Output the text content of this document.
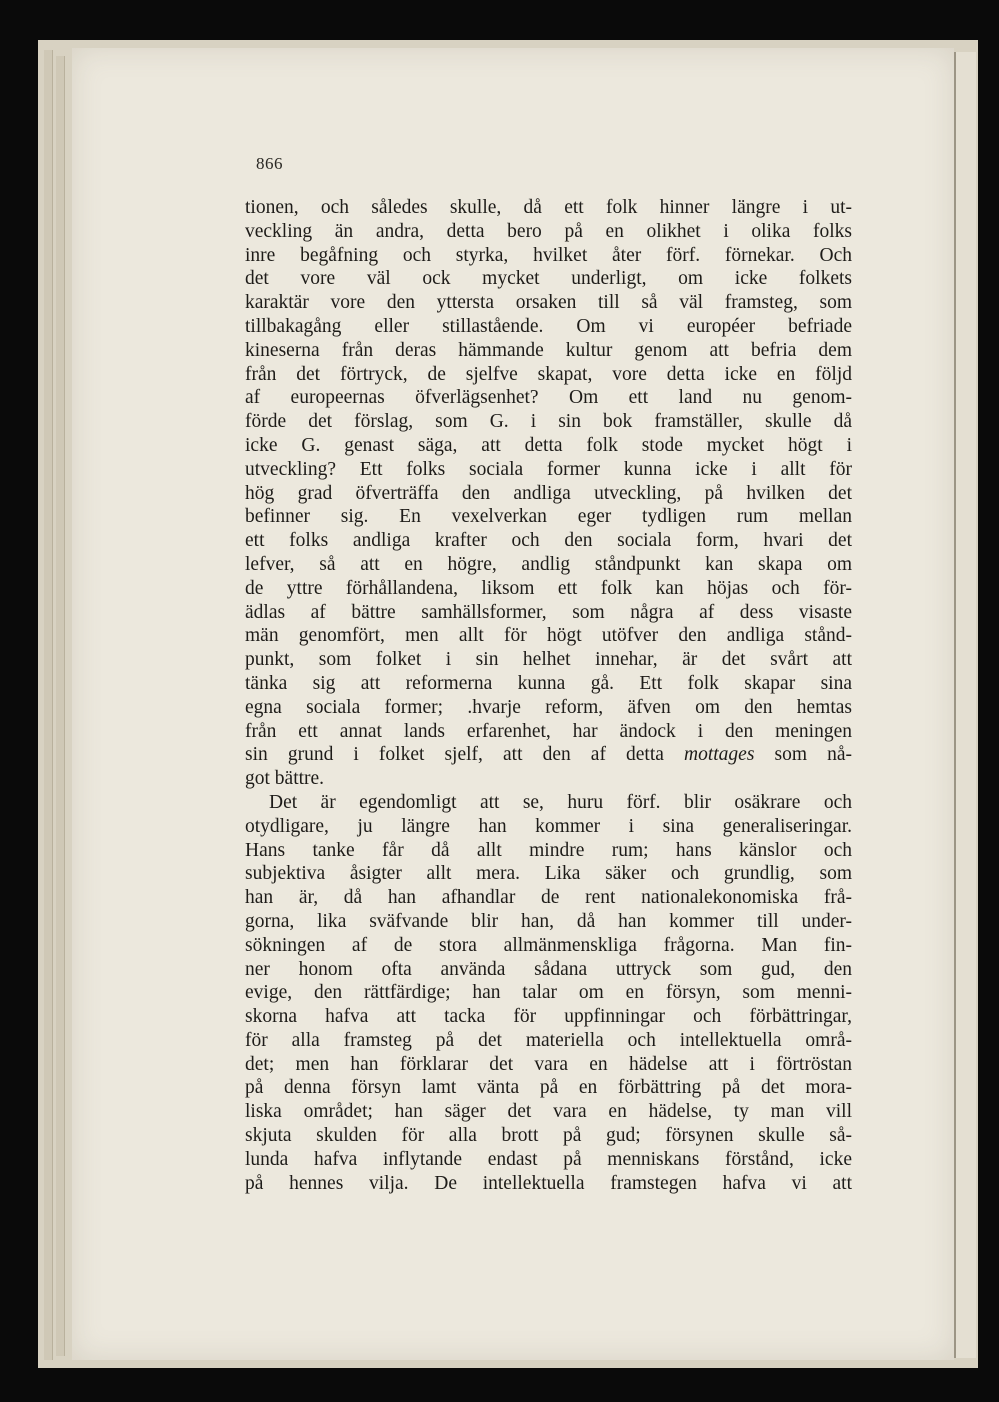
866
tionen, och således skulle, då ett folk hinner längre i ut-
veckling än andra, detta bero på en olikhet i olika folks
inre begåfning och styrka, hvilket åter förf. förnekar. Och
det vore väl ock mycket underligt, om icke folkets
karaktär vore den yttersta orsaken till så väl framsteg, som
tillbakagång eller stillastående. Om vi européer befriade
kineserna från deras hämmande kultur genom att befria dem
från det förtryck, de sjelfve skapat, vore detta icke en följd
af europeernas öfverlägsenhet? Om ett land nu genom-
förde det förslag, som G. i sin bok framställer, skulle då
icke G. genast säga, att detta folk stode mycket högt i
utveckling? Ett folks sociala former kunna icke i allt för
hög grad öfverträffa den andliga utveckling, på hvilken det
befinner sig. En vexelverkan eger tydligen rum mellan
ett folks andliga krafter och den sociala form, hvari det
lefver, så att en högre, andlig ståndpunkt kan skapa om
de yttre förhållandena, liksom ett folk kan höjas och för-
ädlas af bättre samhällsformer, som några af dess visaste
män genomfört, men allt för högt utöfver den andliga stånd-
punkt, som folket i sin helhet innehar, är det svårt att
tänka sig att reformerna kunna gå. Ett folk skapar sina
egna sociala former; .hvarje reform, äfven om den hemtas
från ett annat lands erfarenhet, har ändock i den meningen
sin grund i folket sjelf, att den af detta mottages som nå-
got bättre.
Det är egendomligt att se, huru förf. blir osäkrare och
otydligare, ju längre han kommer i sina generaliseringar.
Hans tanke får då allt mindre rum; hans känslor och
subjektiva åsigter allt mera. Lika säker och grundlig, som
han är, då han afhandlar de rent nationalekonomiska frå-
gorna, lika sväfvande blir han, då han kommer till under-
sökningen af de stora allmänmenskliga frågorna. Man fin-
ner honom ofta använda sådana uttryck som gud, den
evige, den rättfärdige; han talar om en försyn, som menni-
skorna hafva att tacka för uppfinningar och förbättringar,
för alla framsteg på det materiella och intellektuella områ-
det; men han förklarar det vara en hädelse att i förtröstan
på denna försyn lamt vänta på en förbättring på det mora-
liska området; han säger det vara en hädelse, ty man vill
skjuta skulden för alla brott på gud; försynen skulle så-
lunda hafva inflytande endast på menniskans förstånd, icke
på hennes vilja. De intellektuella framstegen hafva vi att
